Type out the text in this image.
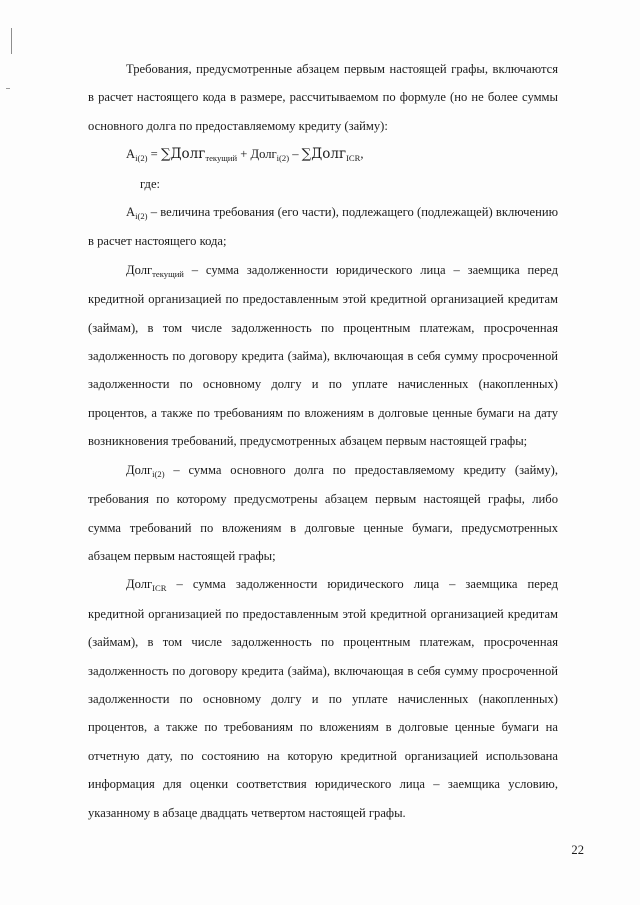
Требования, предусмотренные абзацем первым настоящей графы, включаются в расчет настоящего кода в размере, рассчитываемом по формуле (но не более суммы основного долга по предоставляемому кредиту (займу):

$А_{i(2)}$ = ∑Долг$_{текущий}$ + Долг$_{i(2)}$ – ∑Долг$_{ICR}$,

где:

$А_{i(2)}$ – величина требования (его части), подлежащего (подлежащей) включению в расчет настоящего кода;

Долг$_{текущий}$ – сумма задолженности юридического лица – заемщика перед кредитной организацией по предоставленным этой кредитной организацией кредитам (займам), в том числе задолженность по процентным платежам, просроченная задолженность по договору кредита (займа), включающая в себя сумму просроченной задолженности по основному долгу и по уплате начисленных (накопленных) процентов, а также по требованиям по вложениям в долговые ценные бумаги на дату возникновения требований, предусмотренных абзацем первым настоящей графы;

Долг$_{i(2)}$ – сумма основного долга по предоставляемому кредиту (займу), требования по которому предусмотрены абзацем первым настоящей графы, либо сумма требований по вложениям в долговые ценные бумаги, предусмотренных абзацем первым настоящей графы;

Долг$_{ICR}$ – сумма задолженности юридического лица – заемщика перед кредитной организацией по предоставленным этой кредитной организацией кредитам (займам), в том числе задолженность по процентным платежам, просроченная задолженность по договору кредита (займа), включающая в себя сумму просроченной задолженности по основному долгу и по уплате начисленных (накопленных) процентов, а также по требованиям по вложениям в долговые ценные бумаги на отчетную дату, по состоянию на которую кредитной организацией использована информация для оценки соответствия юридического лица – заемщика условию, указанному в абзаце двадцать четвертом настоящей графы.

22
